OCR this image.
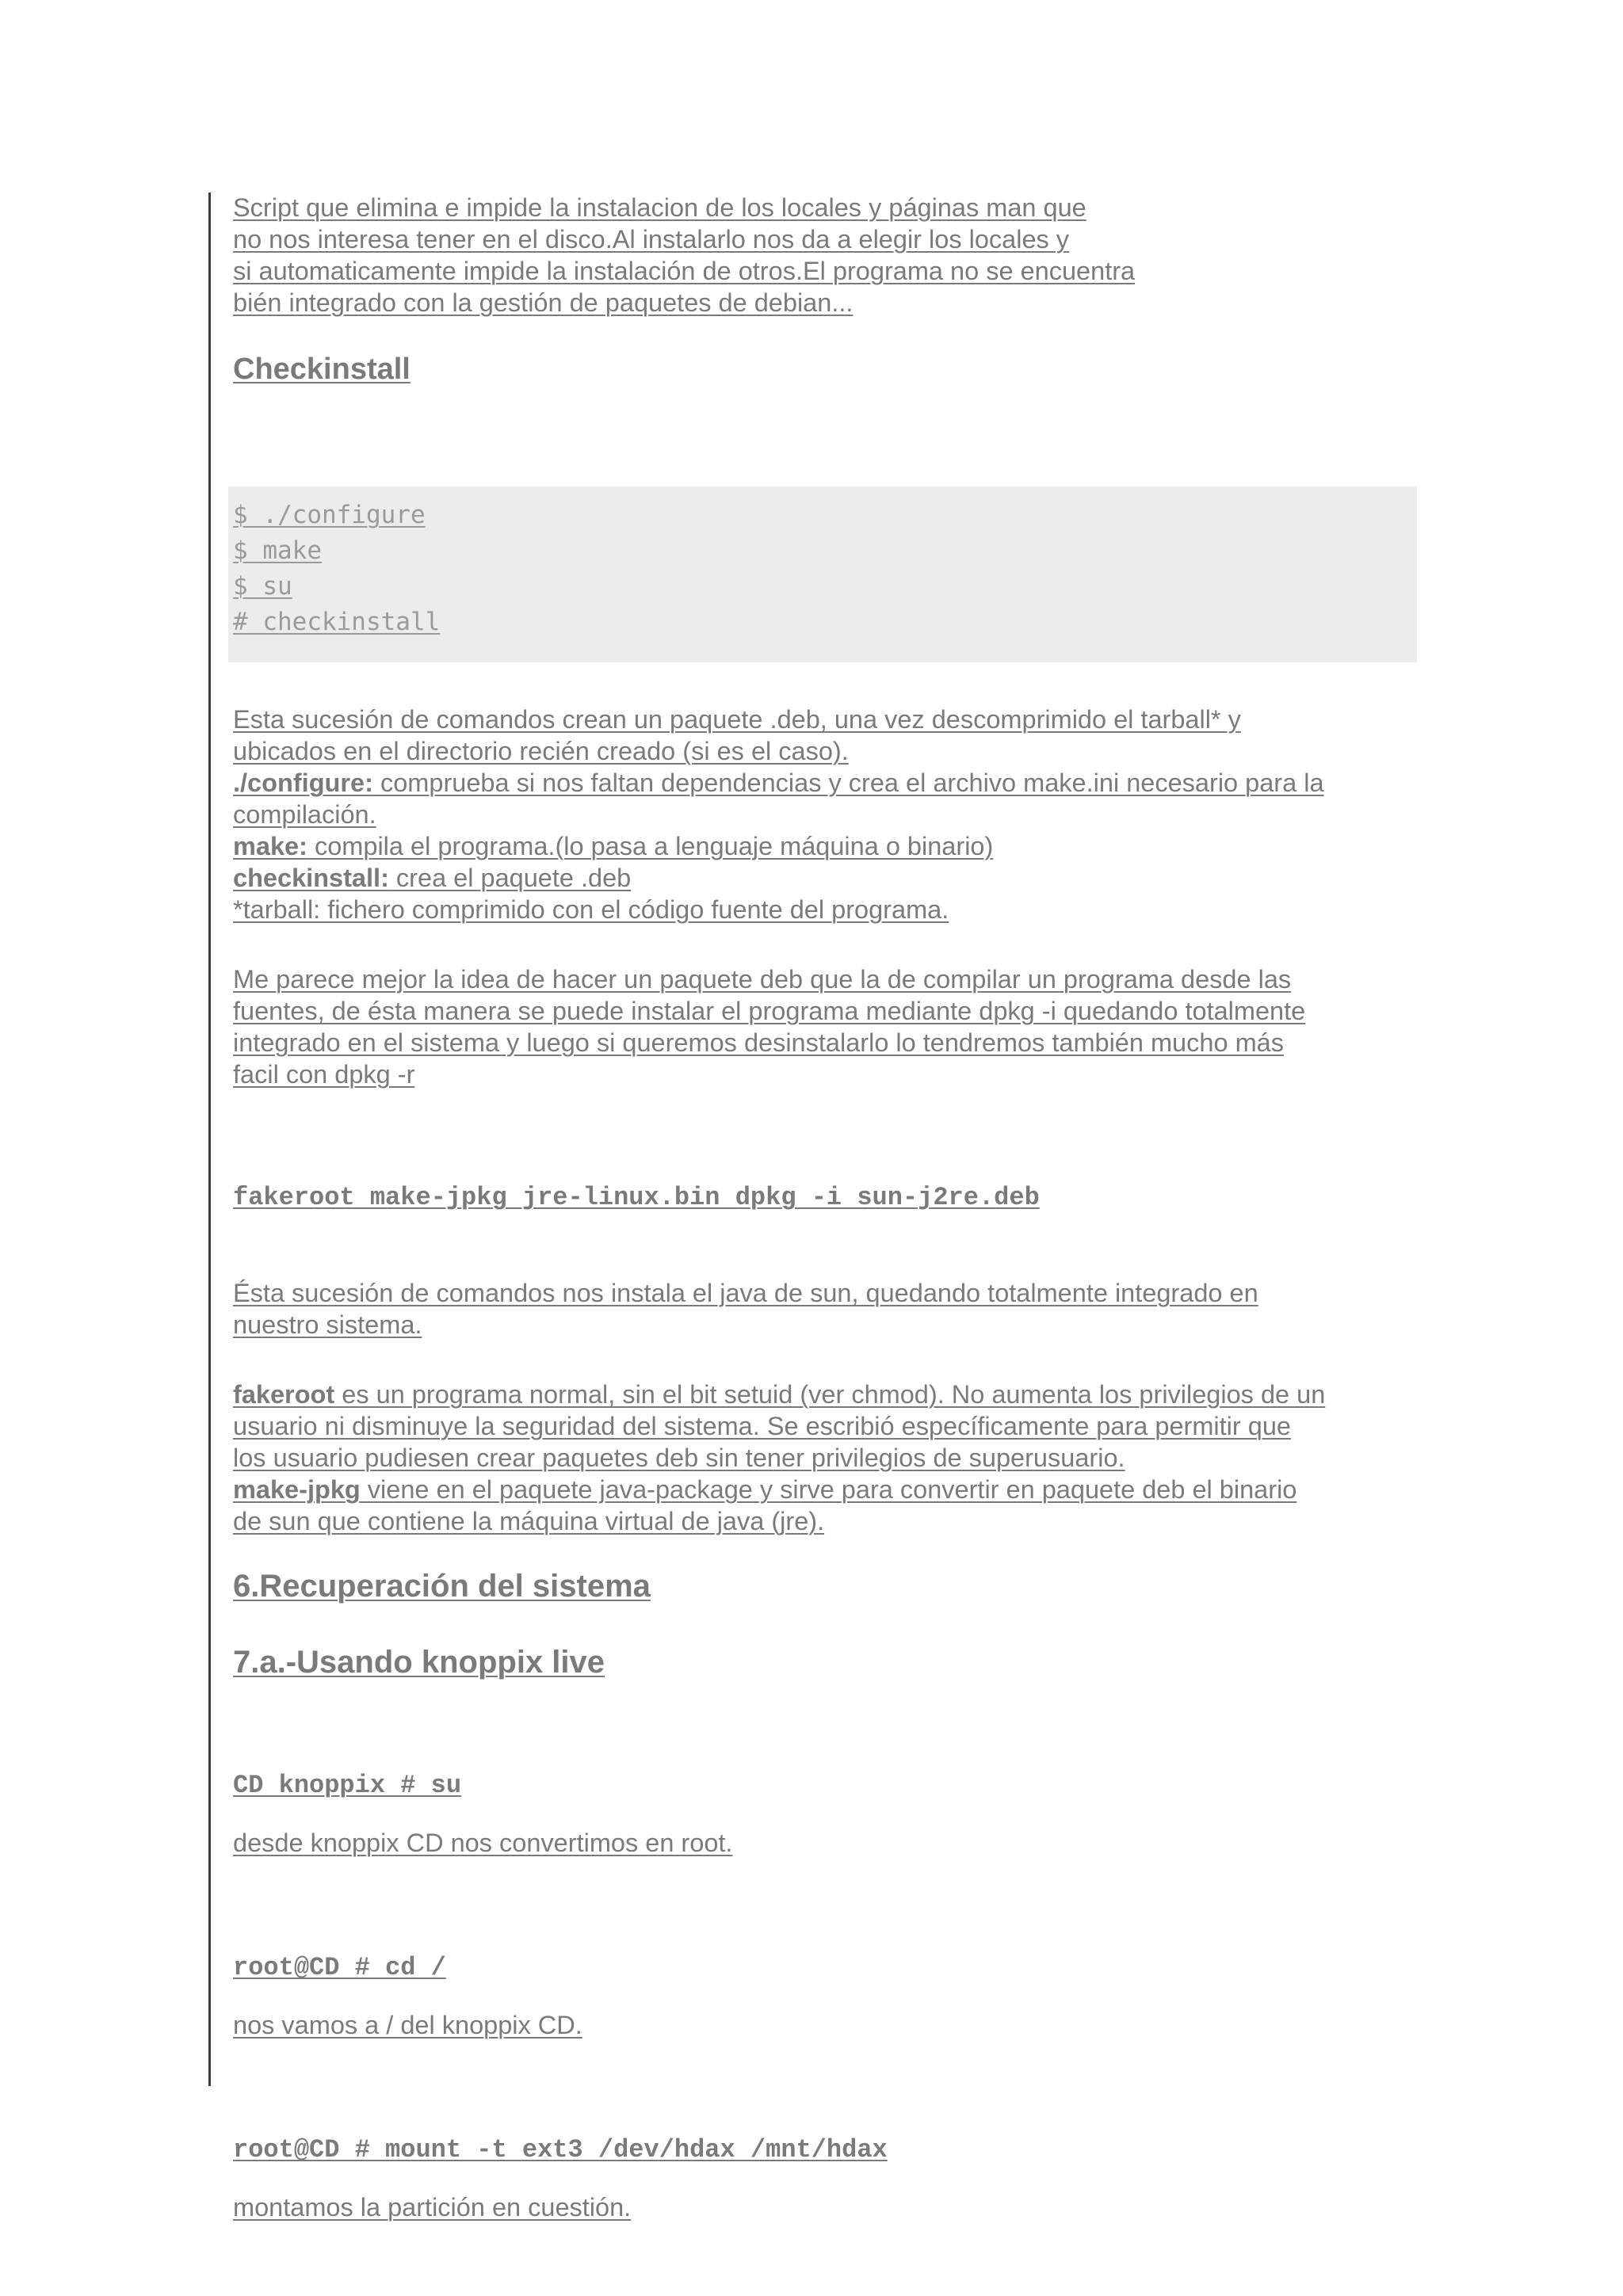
Script que elimina e impide la instalacion de los locales y páginas man que

no nos interesa tener en el disco.Al instalarlo nos da a elegir los locales y

si automaticamente impide la instalación de otros.El programa no se encuentra

bién integrado con la gestión de paquetes de debian...

Checkinstall
$ ./configure
$ make
$ su
# checkinstall

Esta sucesión de comandos crean un paquete .deb, una vez descomprimido el tarball* y

ubicados en el directorio recién creado (si es el caso).

./configure: comprueba si nos faltan dependencias y crea el archivo make.ini necesario para la

compilación.

make: compila el programa.(lo pasa a lenguaje máquina o binario)

checkinstall: crea el paquete .deb

*tarball: fichero comprimido con el código fuente del programa.

Me parece mejor la idea de hacer un paquete deb que la de compilar un programa desde las

fuentes, de ésta manera se puede instalar el programa mediante dpkg -i quedando totalmente

integrado en el sistema y luego si queremos desinstalarlo lo tendremos también mucho más

facil con dpkg -r

fakeroot make-jpkg jre-linux.bin dpkg -i sun-j2re.deb

Ésta sucesión de comandos nos instala el java de sun, quedando totalmente integrado en

nuestro sistema.

fakeroot es un programa normal, sin el bit setuid (ver chmod). No aumenta los privilegios de un

usuario ni disminuye la seguridad del sistema. Se escribió específicamente para permitir que

los usuario pudiesen crear paquetes deb sin tener privilegios de superusuario.

make-jpkg viene en el paquete java-package y sirve para convertir en paquete deb el binario

de sun que contiene la máquina virtual de java (jre).

6.Recuperación del sistema
7.a.-Usando knoppix live

CD knoppix # su

desde knoppix CD nos convertimos en root.

root@CD # cd /

nos vamos a / del knoppix CD.

root@CD # mount -t ext3 /dev/hdax /mnt/hdax

montamos la partición en cuestión.
